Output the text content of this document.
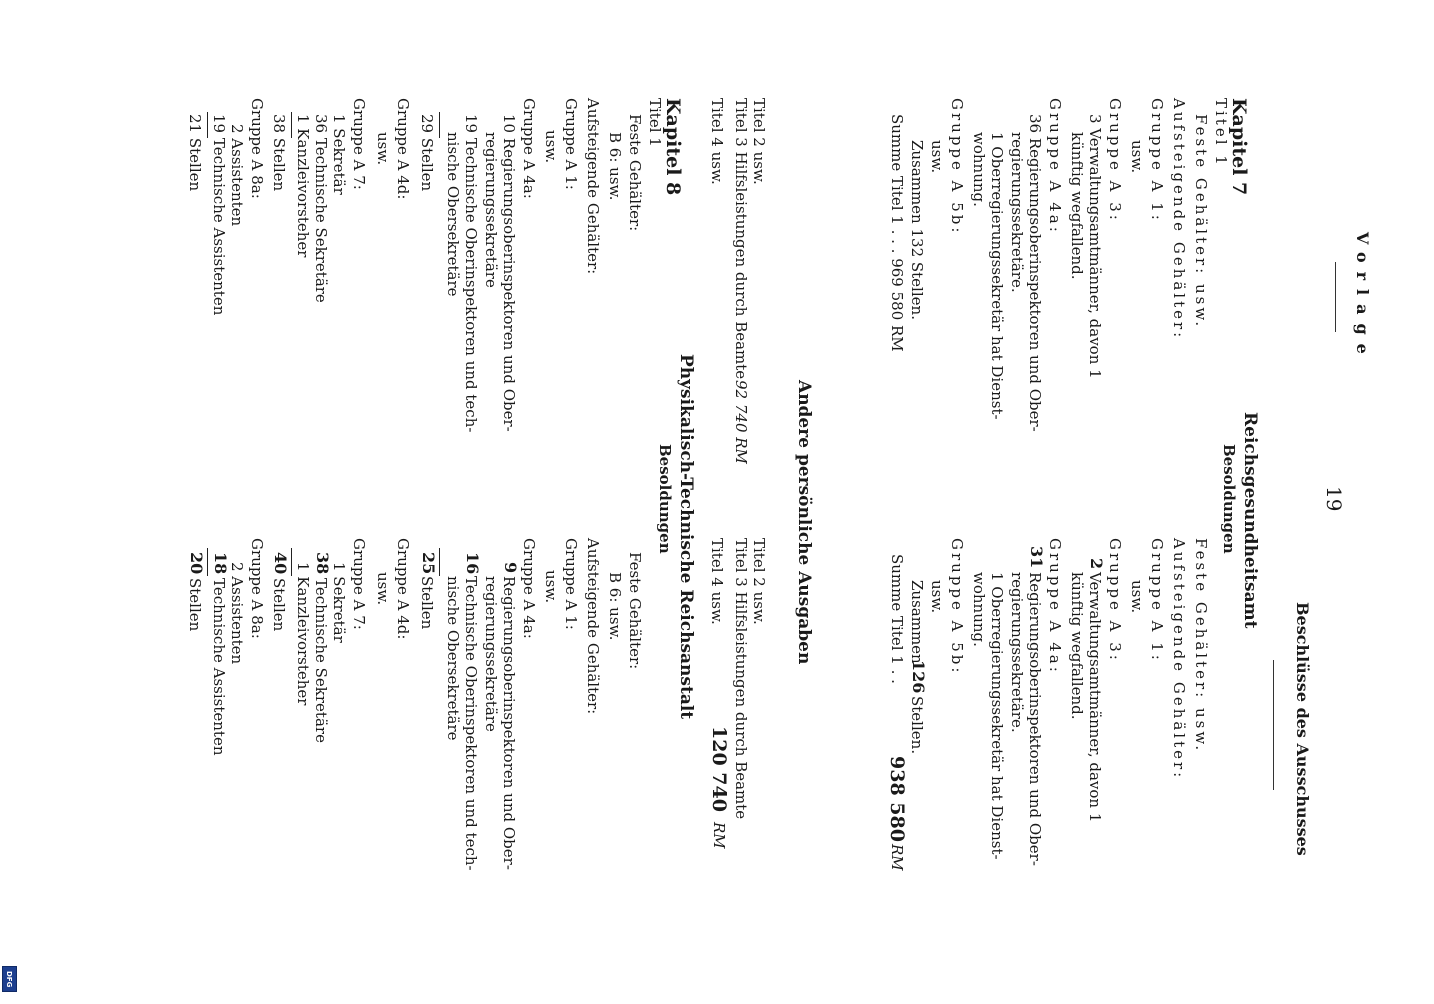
19
Vorlage
Beschlüsse des Ausschusses
Reichsgesundheitsamt
Besoldungen
Andere persönliche Ausgaben
Physikalisch-Technische Reichsanstalt
Besoldungen
Kapitel 7
Titel 1
Feste Gehälter: usw.
Aufsteigende Gehälter:
Gruppe A 1:
usw.
Gruppe A 3:
3 Verwaltungsamtmänner, davon 1
künftig wegfallend.
Gruppe A 4a:
36 Regierungsoberinspektoren und Ober-
regierungssekretäre.
1 Oberregierungssekretär hat Dienst-
wohnung.
Gruppe A 5b:
usw.
Zusammen 132 Stellen.
Summe Titel 1 . . . 969 580 RM
Titel 2 usw.
Titel 3 Hilfsleistungen durch Beamte
92 740 RM
Titel 4 usw.
Kapitel 8
Titel 1
Feste Gehälter:
B 6: usw.
Aufsteigende Gehälter:
Gruppe A 1:
usw.
Gruppe A 4a:
10 Regierungsoberinspektoren und Ober-
regierungssekretäre
19 Technische Oberinspektoren und tech-
nische Obersekretäre
29 Stellen
Gruppe A 4d:
usw.
Gruppe A 7:
1 Sekretär
36 Technische Sekretäre
1 Kanzleivorsteher
38 Stellen
Gruppe A 8a:
2 Assistenten
19 Technische Assistenten
21 Stellen
Feste Gehälter: usw.
Aufsteigende Gehälter:
Gruppe A 1:
usw.
Gruppe A 3:
2
Verwaltungsamtmänner, davon 1
künftig wegfallend.
Gruppe A 4a:
31
Regierungsoberinspektoren und Ober-
regierungssekretäre.
1 Oberregierungssekretär hat Dienst-
wohnung.
Gruppe A 5b:
usw.
Zusammen
126
Stellen.
Summe Titel 1 . .
938 580
RM
Titel 2 usw.
Titel 3 Hilfsleistungen durch Beamte
120 740
RM
Titel 4 usw.
Feste Gehälter:
B 6: usw.
Aufsteigende Gehälter:
Gruppe A 1:
usw.
Gruppe A 4a:
9
Regierungsoberinspektoren und Ober-
regierungssekretäre
16
Technische Oberinspektoren und tech-
nische Obersekretäre
25
Stellen
Gruppe A 4d:
usw.
Gruppe A 7:
1 Sekretär
38
Technische Sekretäre
1 Kanzleivorsteher
40
Stellen
Gruppe A 8a:
2 Assistenten
18
Technische Assistenten
20
Stellen
DFG
